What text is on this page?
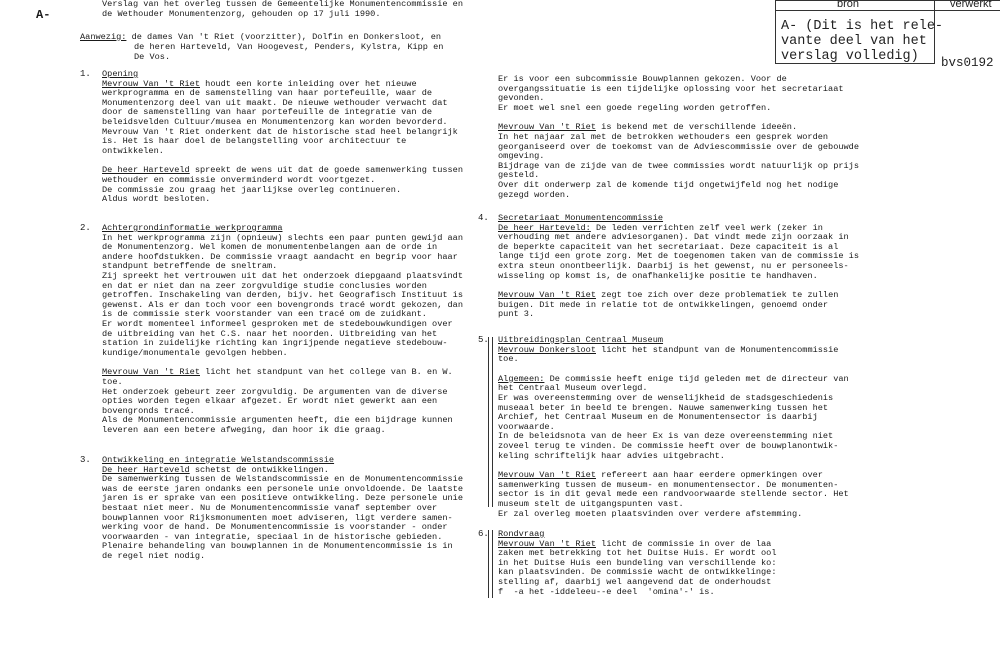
bron	verwerkt
A- (Dit is het rele-
vante deel van het
verslag volledig) bvs0192
A-
Verslag van het overleg tussen de Gemeentelijke Monumentencommissie en
de Wethouder Monumentenzorg, gehouden op 17 juli 1990.
Aanwezig: de dames Van 't Riet (voorzitter), Dolfin en Donkersloot, en
de heren Harteveld, Van Hoogevest, Penders, Kylstra, Kipp en
De Vos.
1. Opening
Mevrouw Van 't Riet houdt een korte inleiding over het nieuwe
werkprogramma en de samenstelling van haar portefeuille, waar de
Monumentenzorg deel van uit maakt. De nieuwe wethouder verwacht dat
door de samenstelling van haar portefeuille de integratie van de
beleidsvelden Cultuur/musea en Monumentenzorg kan worden bevorderd.
Mevrouw Van 't Riet onderkent dat de historische stad heel belangrijk
is. Het is haar doel de belangstelling voor architectuur te
ontwikkelen.
De heer Harteveld spreekt de wens uit dat de goede samenwerking tussen
wethouder en commissie onverminderd wordt voortgezet.
De commissie zou graag het jaarlijkse overleg continueren.
Aldus wordt besloten.
2. Achtergrondinformatie werkprogramma
In het werkprogramma zijn (opnieuw) slechts een paar punten gewijd aan
de Monumentenzorg. Wel komen de monumentenbelangen aan de orde in
andere hoofdstukken. De commissie vraagt aandacht en begrip voor haar
standpunt betreffende de sneltram.
Zij spreekt het vertrouwen uit dat het onderzoek diepgaand plaatsvindt
en dat er niet dan na zeer zorgvuldige studie conclusies worden
getroffen. Inschakeling van derden, bijv. het Geografisch Instituut is
gewenst. Als er dan toch voor een bovengronds tracé wordt gekozen, dan
is de commissie sterk voorstander van een tracé om de zuidkant.
Er wordt momenteel informeel gesproken met de stedebouwkundigen over
de uitbreiding van het C.S. naar het noorden. Uitbreiding van het
station in zuidelijke richting kan ingrijpende negatieve stedebouw-
kundige/monumentale gevolgen hebben.
Mevrouw Van 't Riet licht het standpunt van het college van B. en W.
toe.
Het onderzoek gebeurt zeer zorgvuldig. De argumenten van de diverse
opties worden tegen elkaar afgezet. Er wordt niet gewerkt aan een
bovengronds tracé.
Als de Monumentencommissie argumenten heeft, die een bijdrage kunnen
leveren aan een betere afweging, dan hoor ik die graag.
3. Ontwikkeling en integratie Welstandscommissie
De heer Harteveld schetst de ontwikkelingen.
De samenwerking tussen de Welstandscommissie en de Monumentencommissie
was de eerste jaren ondanks een personele unie onvoldoende. De laatste
jaren is er sprake van een positieve ontwikkeling. Deze personele unie
bestaat niet meer. Nu de Monumentencommissie vanaf september over
bouwplannen voor Rijksmonumenten moet adviseren, ligt verdere samen-
werking voor de hand. De Monumentencommissie is voorstander - onder
voorwaarden - van integratie, speciaal in de historische gebieden.
Plenaire behandeling van bouwplannen in de Monumentencommissie is in
de regel niet nodig.
Er is voor een subcommissie Bouwplannen gekozen. Voor de
overgangssituatie is een tijdelijke oplossing voor het secretariaat
gevonden.
Er moet wel snel een goede regeling worden getroffen.
Mevrouw Van 't Riet is bekend met de verschillende ideeën.
In het najaar zal met de betrokken wethouders een gesprek worden
georganiseerd over de toekomst van de Adviescommissie over de gebouwde
omgeving.
Bijdrage van de zijde van de twee commissies wordt natuurlijk op prijs
gesteld.
Over dit onderwerp zal de komende tijd ongetwijfeld nog het nodige
gezegd worden.
4. Secretariaat Monumentencommissie
De heer Harteveld: De leden verrichten zelf veel werk (zeker in
verhouding met andere adviesorganen). Dat vindt mede zijn oorzaak in
de beperkte capaciteit van het secretariaat. Deze capaciteit is al
lange tijd een grote zorg. Met de toegenomen taken van de commissie is
extra steun onontbeerlijk. Daarbij is het gewenst, nu er personeels-
wisseling op komst is, de onafhankelijke positie te handhaven.
Mevrouw Van 't Riet zegt toe zich over deze problematiek te zullen
buigen. Dit mede in relatie tot de ontwikkelingen, genoemd onder
punt 3.
5. Uitbreidingsplan Centraal Museum
Mevrouw Donkersloot licht het standpunt van de Monumentencommissie
toe.
Algemeen: De commissie heeft enige tijd geleden met de directeur van
het Centraal Museum overlegd.
Er was overeenstemming over de wenselijkheid de stadsgeschiedenis
museaal beter in beeld te brengen. Nauwe samenwerking tussen het
Archief, het Centraal Museum en de Monumentensector is daarbij
voorwaarde.
In de beleidsnota van de heer Ex is van deze overeenstemming niet
zoveel terug te vinden. De commissie heeft over de bouwplanontwik-
keling schriftelijk haar advies uitgebracht.
Mevrouw Van 't Riet refereert aan haar eerdere opmerkingen over
samenwerking tussen de museum- en monumentensector. De monumenten-
sector is in dit geval mede een randvoorwaarde stellende sector. Het
museum stelt de uitgangspunten vast.
Er zal overleg moeten plaatsvinden over verdere afstemming.
6. Rondvraag
Mevrouw Van 't Riet licht de commissie in over de laa
zaken met betrekking tot het Duitse Huis. Er wordt ool
in het Duitse Huis een bundeling van verschillende ko:
kan plaatsvinden. De commissie wacht de ontwikkelinge:
stelling af, daarbij wel aangevend dat de onderhoudst
f  -a het -iddeleeu--e deel  'omina'-' is.
